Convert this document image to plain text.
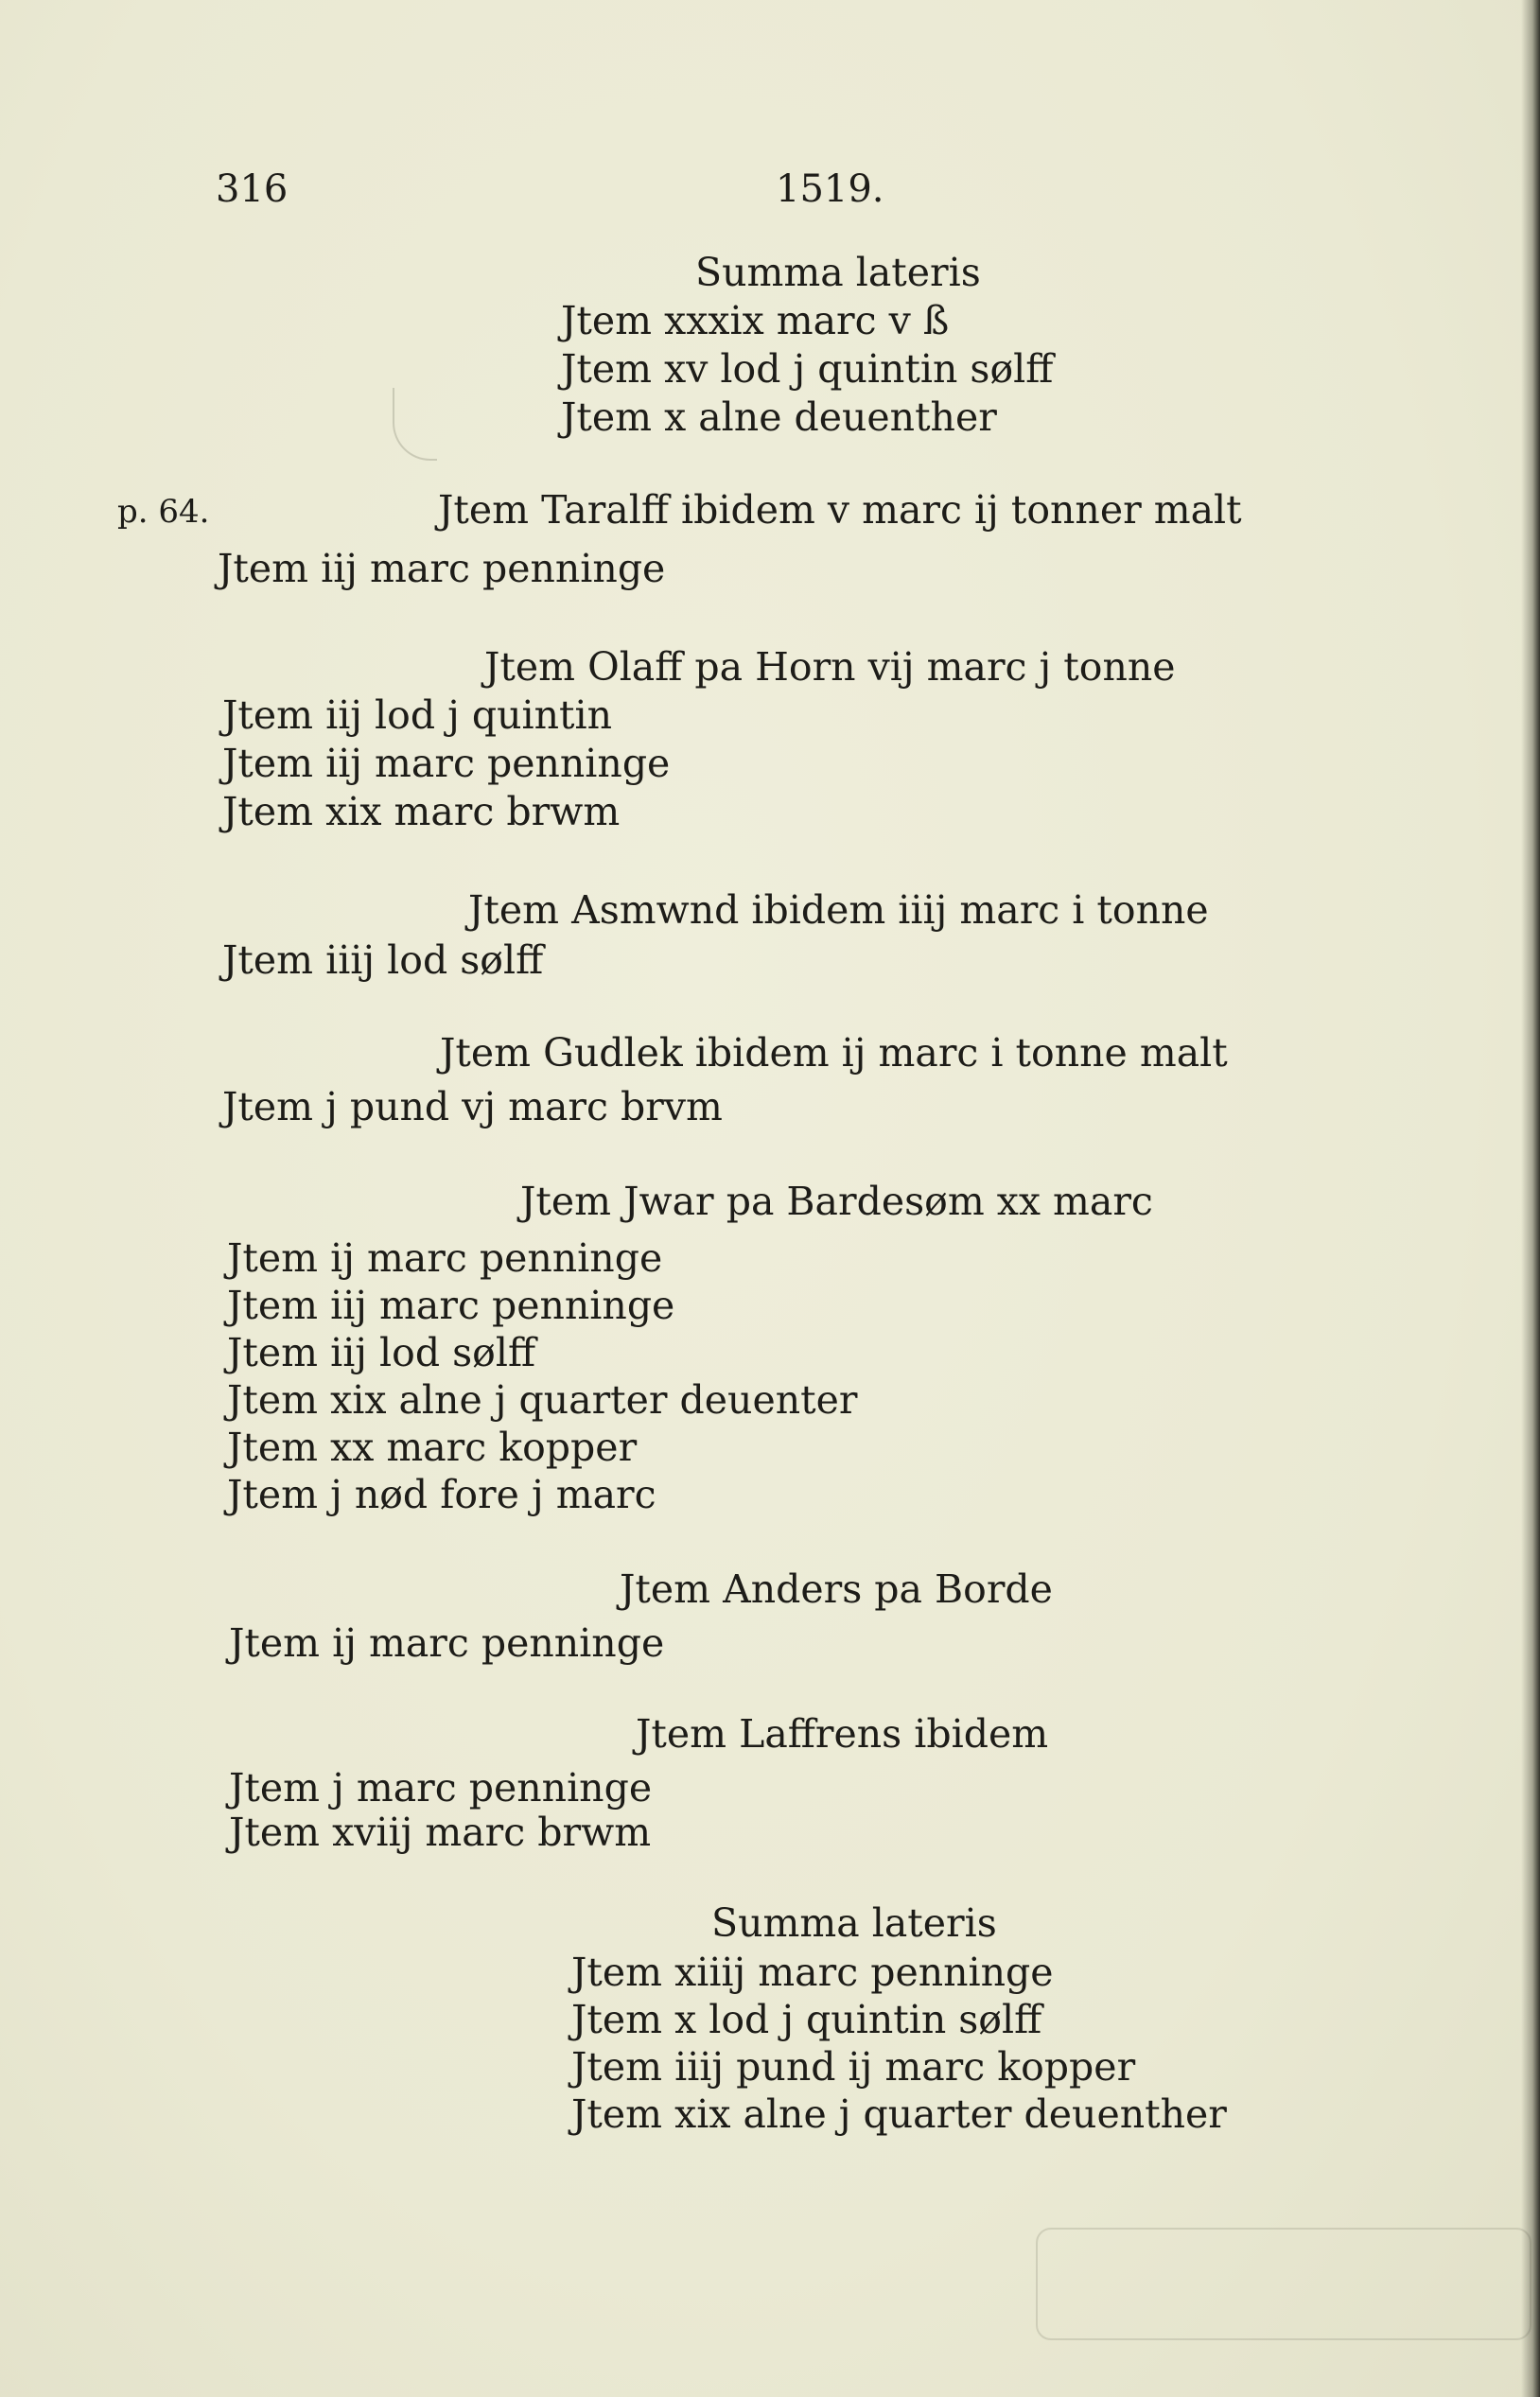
316	1519.
Summa lateris
Jtem xxxix marc v ß
Jtem xv lod j quintin sølff
Jtem x alne deuenther
p. 64.	Jtem Taralff ibidem v marc ij tonner malt
Jtem iij marc penninge
Jtem Olaff pa Horn vij marc j tonne
Jtem iij lod j quintin
Jtem iij marc penninge
Jtem xix marc brwm
Jtem Asmwnd ibidem iiij marc i tonne
Jtem iiij lod sølff
Jtem Gudlek ibidem ij marc i tonne malt
Jtem j pund vj marc brvm
Jtem Jwar pa Bardesøm xx marc
Jtem ij marc penninge
Jtem iij marc penninge
Jtem iij lod sølff
Jtem xix alne j quarter deuenter
Jtem xx marc kopper
Jtem j nød fore j marc
Jtem Anders pa Borde
Jtem ij marc penninge
Jtem Laffrens ibidem
Jtem j marc penninge
Jtem xviij marc brwm
Summa lateris
Jtem xiiij marc penninge
Jtem x lod j quintin sølff
Jtem iiij pund ij marc kopper
Jtem xix alne j quarter deuenther
